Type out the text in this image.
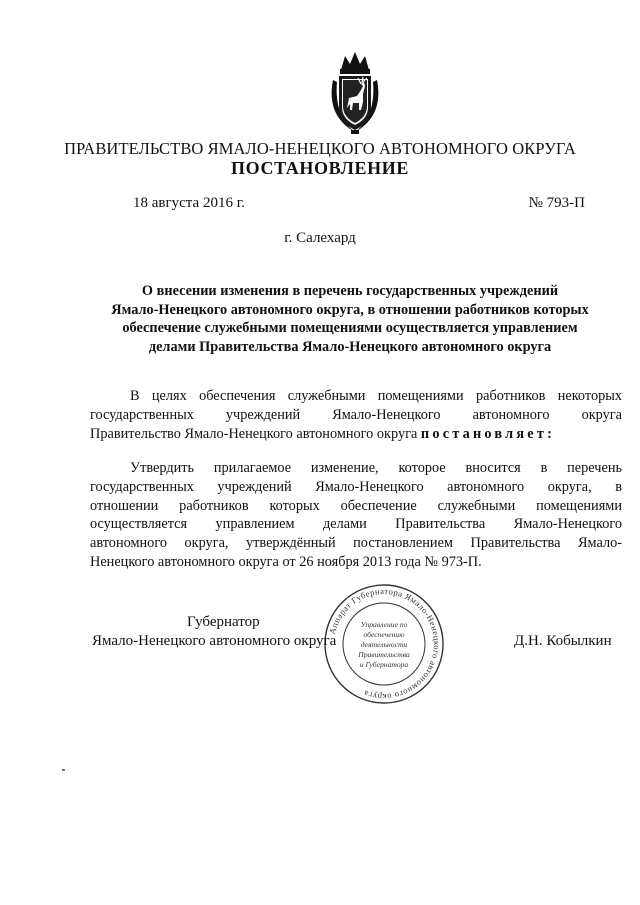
ПРАВИТЕЛЬСТВО ЯМАЛО-НЕНЕЦКОГО АВТОНОМНОГО ОКРУГА
ПОСТАНОВЛЕНИЕ
18 августа 2016 г.	№ 793-П
г. Салехард
О внесении изменения в перечень государственных учреждений
Ямало-Ненецкого автономного округа, в отношении работников которых
обеспечение служебными помещениями осуществляется управлением
делами Правительства Ямало-Ненецкого автономного округа
В целях обеспечения служебными помещениями работников некоторых
государственных учреждений Ямало-Ненецкого автономного округа
Правительство Ямало-Ненецкого автономного округа постановляет:
Утвердить прилагаемое изменение, которое вносится в перечень
государственных учреждений Ямало-Ненецкого автономного округа, в
отношении работников которых обеспечение служебными помещениями
осуществляется управлением делами Правительства Ямало-Ненецкого
автономного округа, утверждённый постановлением Правительства Ямало-
Ненецкого автономного округа от 26 ноября 2013 года № 973-П.
Аппарат Губернатора Ямало-Ненецкого автономного округа
Управление по
обеспечению
деятельности
Правительства
и Губернатора
Губернатор
Ямало-Ненецкого автономного округа	Д.Н. Кобылкин
